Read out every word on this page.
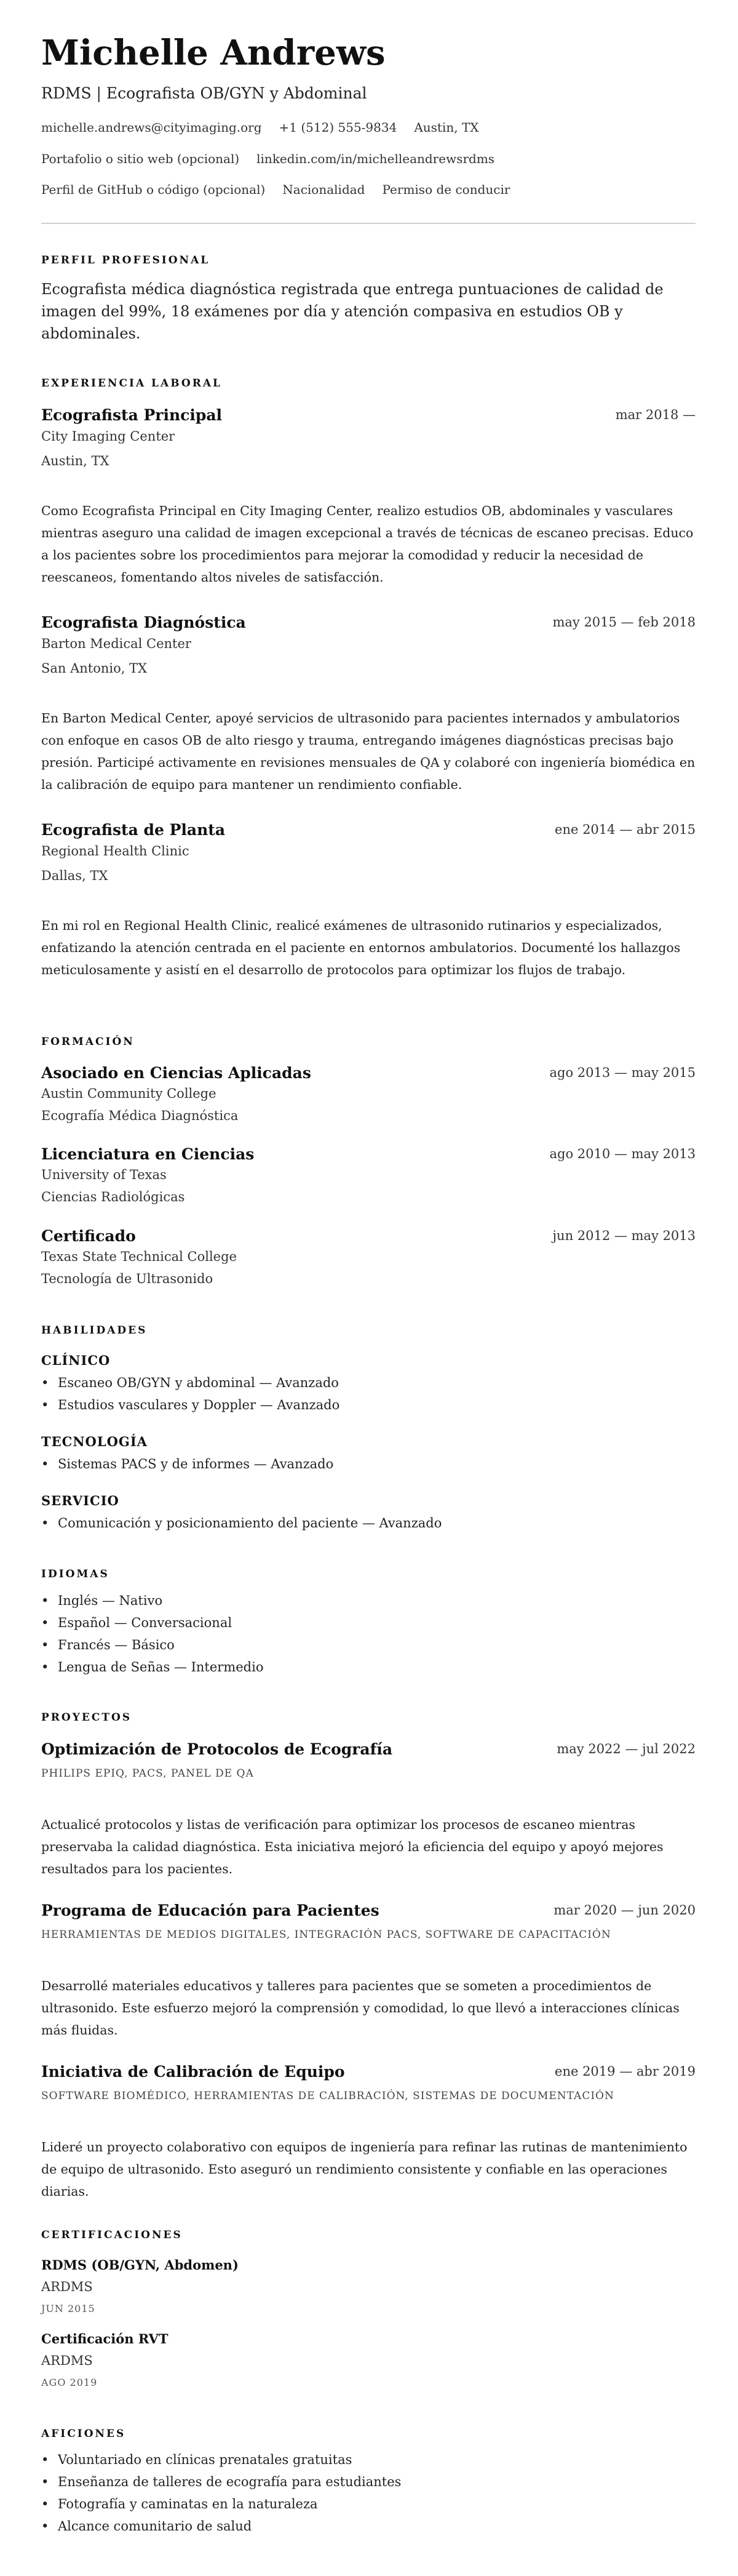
Michelle Andrews
RDMS | Ecografista OB/GYN y Abdominal
michelle.andrews@cityimaging.org +1 (512) 555-9834 Austin, TX
Portafolio o sitio web (opcional) linkedin.com/in/michelleandrewsrdms
Perfil de GitHub o código (opcional) Nacionalidad Permiso de conducir
PERFIL PROFESIONAL
Ecografista médica diagnóstica registrada que entrega puntuaciones de calidad de imagen del 99%, 18 exámenes por día y atención compasiva en estudios OB y abdominales.
EXPERIENCIA LABORAL
Ecografista Principal	mar 2018 —
City Imaging Center
Austin, TX
Como Ecografista Principal en City Imaging Center, realizo estudios OB, abdominales y vasculares mientras aseguro una calidad de imagen excepcional a través de técnicas de escaneo precisas. Educo a los pacientes sobre los procedimientos para mejorar la comodidad y reducir la necesidad de reescaneos, fomentando altos niveles de satisfacción.
Ecografista Diagnóstica	may 2015 — feb 2018
Barton Medical Center
San Antonio, TX
En Barton Medical Center, apoyé servicios de ultrasonido para pacientes internados y ambulatorios con enfoque en casos OB de alto riesgo y trauma, entregando imágenes diagnósticas precisas bajo presión. Participé activamente en revisiones mensuales de QA y colaboré con ingeniería biomédica en la calibración de equipo para mantener un rendimiento confiable.
Ecografista de Planta	ene 2014 — abr 2015
Regional Health Clinic
Dallas, TX
En mi rol en Regional Health Clinic, realicé exámenes de ultrasonido rutinarios y especializados, enfatizando la atención centrada en el paciente en entornos ambulatorios. Documenté los hallazgos meticulosamente y asistí en el desarrollo de protocolos para optimizar los flujos de trabajo.
FORMACIÓN
Asociado en Ciencias Aplicadas	ago 2013 — may 2015
Austin Community College
Ecografía Médica Diagnóstica
Licenciatura en Ciencias	ago 2010 — may 2013
University of Texas
Ciencias Radiológicas
Certificado	jun 2012 — may 2013
Texas State Technical College
Tecnología de Ultrasonido
HABILIDADES
CLÍNICO
• Escaneo OB/GYN y abdominal — Avanzado
• Estudios vasculares y Doppler — Avanzado
TECNOLOGÍA
• Sistemas PACS y de informes — Avanzado
SERVICIO
• Comunicación y posicionamiento del paciente — Avanzado
IDIOMAS
• Inglés — Nativo
• Español — Conversacional
• Francés — Básico
• Lengua de Señas — Intermedio
PROYECTOS
Optimización de Protocolos de Ecografía	may 2022 — jul 2022
PHILIPS EPIQ, PACS, PANEL DE QA
Actualicé protocolos y listas de verificación para optimizar los procesos de escaneo mientras preservaba la calidad diagnóstica. Esta iniciativa mejoró la eficiencia del equipo y apoyó mejores resultados para los pacientes.
Programa de Educación para Pacientes	mar 2020 — jun 2020
HERRAMIENTAS DE MEDIOS DIGITALES, INTEGRACIÓN PACS, SOFTWARE DE CAPACITACIÓN
Desarrollé materiales educativos y talleres para pacientes que se someten a procedimientos de ultrasonido. Este esfuerzo mejoró la comprensión y comodidad, lo que llevó a interacciones clínicas más fluidas.
Iniciativa de Calibración de Equipo	ene 2019 — abr 2019
SOFTWARE BIOMÉDICO, HERRAMIENTAS DE CALIBRACIÓN, SISTEMAS DE DOCUMENTACIÓN
Lideré un proyecto colaborativo con equipos de ingeniería para refinar las rutinas de mantenimiento de equipo de ultrasonido. Esto aseguró un rendimiento consistente y confiable en las operaciones diarias.
CERTIFICACIONES
RDMS (OB/GYN, Abdomen)
ARDMS
JUN 2015
Certificación RVT
ARDMS
AGO 2019
AFICIONES
• Voluntariado en clínicas prenatales gratuitas
• Enseñanza de talleres de ecografía para estudiantes
• Fotografía y caminatas en la naturaleza
• Alcance comunitario de salud
